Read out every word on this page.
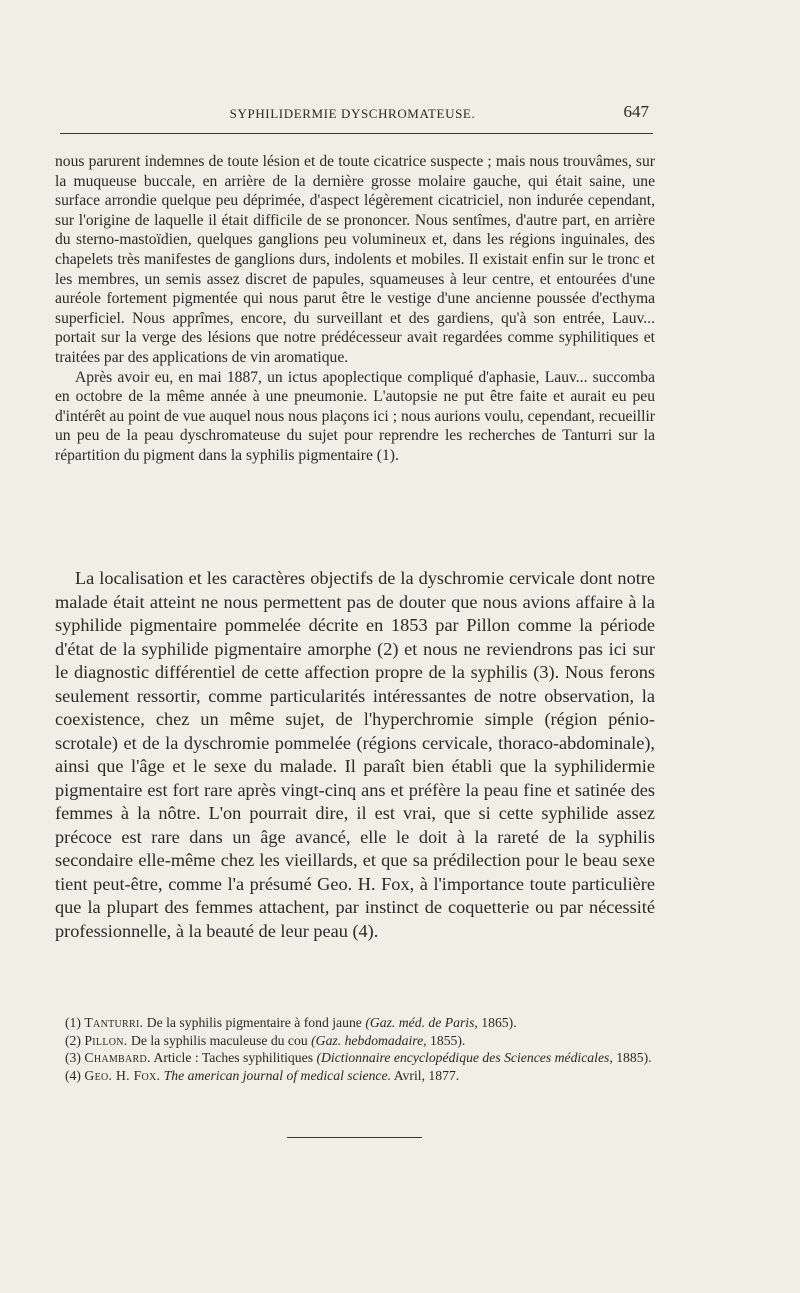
SYPHILIDERMIE DYSCHROMATEUSE.	647

nous parurent indemnes de toute lésion et de toute cicatrice suspecte ; mais nous trouvâmes, sur la muqueuse buccale, en arrière de la dernière grosse molaire gauche, qui était saine, une surface arrondie quelque peu déprimée, d'aspect légèrement cicatriciel, non indurée cependant, sur l'origine de laquelle il était difficile de se prononcer. Nous sentîmes, d'autre part, en arrière du sterno-mastoïdien, quelques ganglions peu volumineux et, dans les régions inguinales, des chapelets très manifestes de ganglions durs, indolents et mobiles. Il existait enfin sur le tronc et les membres, un semis assez discret de papules, squameuses à leur centre, et entourées d'une auréole fortement pigmentée qui nous parut être le vestige d'une ancienne poussée d'ecthyma superficiel. Nous apprîmes, encore, du surveillant et des gardiens, qu'à son entrée, Lauv... portait sur la verge des lésions que notre prédécesseur avait regardées comme syphilitiques et traitées par des applications de vin aromatique.

Après avoir eu, en mai 1887, un ictus apoplectique compliqué d'aphasie, Lauv... succomba en octobre de la même année à une pneumonie. L'autopsie ne put être faite et aurait eu peu d'intérêt au point de vue auquel nous nous plaçons ici ; nous aurions voulu, cependant, recueillir un peu de la peau dyschromateuse du sujet pour reprendre les recherches de Tanturri sur la répartition du pigment dans la syphilis pigmentaire (1).

La localisation et les caractères objectifs de la dyschromie cervicale dont notre malade était atteint ne nous permettent pas de douter que nous avions affaire à la syphilide pigmentaire pommelée décrite en 1853 par Pillon comme la période d'état de la syphilide pigmentaire amorphe (2) et nous ne reviendrons pas ici sur le diagnostic différentiel de cette affection propre de la syphilis (3). Nous ferons seulement ressortir, comme particularités intéressantes de notre observation, la coexistence, chez un même sujet, de l'hyperchromie simple (région pénio-scrotale) et de la dyschromie pommelée (régions cervicale, thoraco-abdominale), ainsi que l'âge et le sexe du malade. Il paraît bien établi que la syphilidermie pigmentaire est fort rare après vingt-cinq ans et préfère la peau fine et satinée des femmes à la nôtre. L'on pourrait dire, il est vrai, que si cette syphilide assez précoce est rare dans un âge avancé, elle le doit à la rareté de la syphilis secondaire elle-même chez les vieillards, et que sa prédilection pour le beau sexe tient peut-être, comme l'a présumé Geo. H. Fox, à l'importance toute particulière que la plupart des femmes attachent, par instinct de coquetterie ou par nécessité professionnelle, à la beauté de leur peau (4).

(1) Tanturri. De la syphilis pigmentaire à fond jaune (Gaz. méd. de Paris, 1865).

(2) Pillon. De la syphilis maculeuse du cou (Gaz. hebdomadaire, 1855).

(3) Chambard. Article : Taches syphilitiques (Dictionnaire encyclopédique des Sciences médicales, 1885).

(4) Geo. H. Fox. The american journal of medical science. Avril, 1877.
